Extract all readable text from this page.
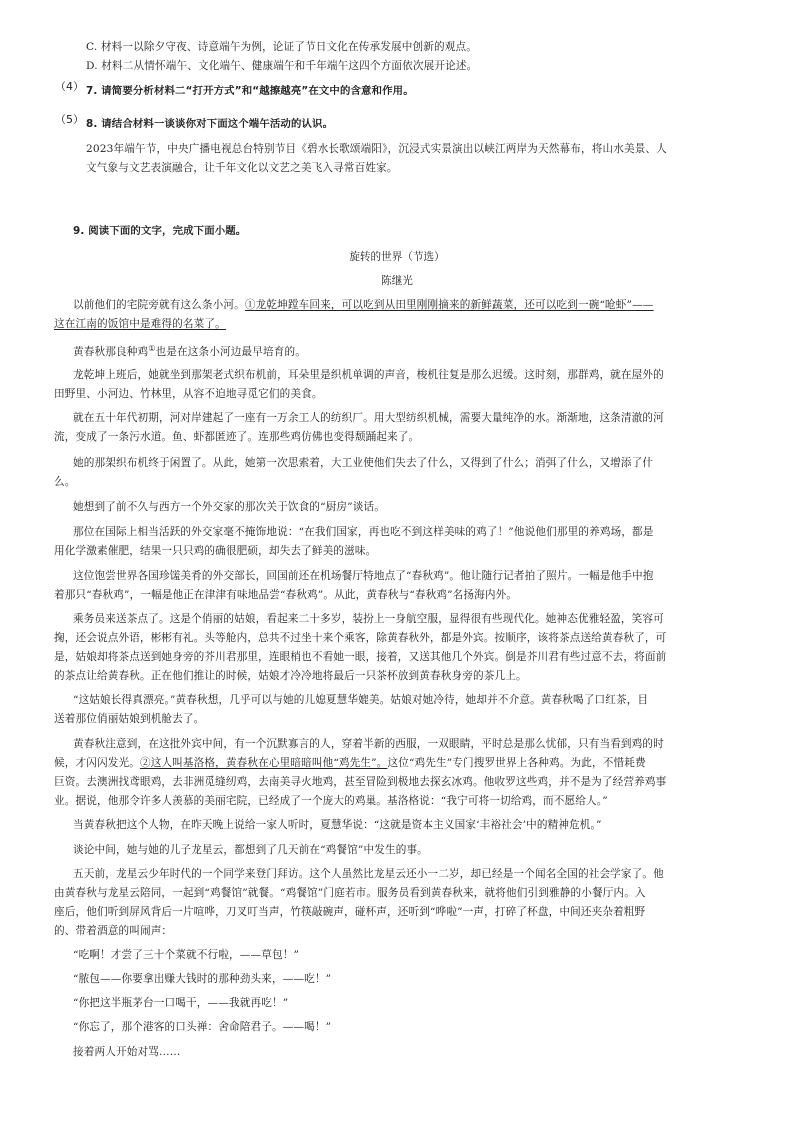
C. 材料一以除夕守夜、诗意端午为例，论证了节日文化在传承发展中创新的观点。
D. 材料二从情怀端午、文化端午、健康端午和千年端午这四个方面依次展开论述。
（4） 7. 请简要分析材料二“打开方式”和“越擦越亮”在文中的含意和作用。
（5） 8. 请结合材料一谈谈你对下面这个端午活动的认识。
2023年端午节，中央广播电视总台特别节目《碧水长歌颂端阳》，沉浸式实景演出以峡江两岸为天然幕布，将山水美景、人
文气象与文艺表演融合，让千年文化以文艺之美飞入寻常百姓家。
9. 阅读下面的文字，完成下面小题。
旋转的世界（节选）
陈继光
以前他们的宅院旁就有这么条小河。①龙乾坤蹚车回来，可以吃到从田里刚刚摘来的新鲜蔬菜，还可以吃到一碗“呛虾”——
这在江南的饭馆中是难得的名菜了。
黄春秋那良种鸡①也是在这条小河边最早培育的。
龙乾坤上班后，她就坐到那架老式织布机前，耳朵里是织机单调的声音，梭机往复是那么迟缓。这时刻，那群鸡，就在屋外的
田野里、小河边、竹林里，从容不迫地寻觅它们的美食。
就在五十年代初期，河对岸建起了一座有一万余工人的纺织厂。用大型纺织机械，需要大量纯净的水。渐渐地，这条清澈的河
流，变成了一条污水道。鱼、虾都匿迹了。连那些鸡仿佛也变得颓踊起来了。
她的那架织布机终于闲置了。从此，她第一次思索着，大工业使他们失去了什么，又得到了什么；消弭了什么，又增添了什
么。
她想到了前不久与西方一个外交家的那次关于饮食的“厨房”谈话。
那位在国际上相当活跃的外交家毫不掩饰地说：“在我们国家，再也吃不到这样美味的鸡了！”他说他们那里的养鸡场，都是
用化学激素催肥，结果一只只鸡的确很肥硕，却失去了鲜美的滋味。
这位饱尝世界各国珍馐美肴的外交部长，回国前还在机场餐厅特地点了“春秋鸡”。他让随行记者拍了照片。一幅是他手中抱
着那只“春秋鸡”，一幅是他正在津津有味地品尝“春秋鸡”。从此，黄春秋与“春秋鸡”名扬海内外。
乘务员来送茶点了。这是个俏丽的姑娘，看起来二十多岁，装扮上一身航空服，显得很有些现代化。她神态优雅轻盈，笑容可
掬，还会说点外语，彬彬有礼。头等舱内，总共不过坐十来个乘客，除黄春秋外，都是外宾。按顺序，该将茶点送给黄春秋了，可
是，姑娘却将茶点送到她身旁的芥川君那里，连眼梢也不看她一眼，接着，又送其他几个外宾。倒是芥川君有些过意不去，将面前
的茶点让给黄春秋。正在他们推让的时候，姑娘才冷冷地将最后一只茶杯放到黄春秋身旁的茶几上。
“这姑娘长得真漂亮。”黄春秋想，几乎可以与她的儿媳夏慧华媲美。姑娘对她冷待，她却并不介意。黄春秋喝了口红茶，目
送着那位俏丽姑娘到机舱去了。
黄春秋注意到，在这批外宾中间，有一个沉默寡言的人，穿着半新的西服，一双眼睛，平时总是那么忧郁，只有当看到鸡的时
候，才闪闪发光。②这人叫基洛格，黄春秋在心里暗暗叫他“鸡先生”。这位“鸡先生”专门搜罗世界上各种鸡。为此，不惜耗费
巨资。去澳洲找鸢眼鸡，去非洲觅缝纫鸡，去南美寻火地鸡，甚至冒险到极地去探玄冰鸡。他收罗这些鸡，并不是为了经营养鸡事
业。据说，他那令许多人羡慕的美丽宅院，已经成了一个庞大的鸡巢。基洛格说：“我宁可将一切给鸡，而不愿给人。”
当黄春秋把这个人物，在昨天晚上说给一家人听时，夏慧华说：“这就是资本主义国家‘丰裕社会’中的精神危机。”
谈论中间，她与她的儿子龙星云，都想到了几天前在“鸡餐馆”中发生的事。
五天前，龙星云少年时代的一个同学来登门拜访。这个人虽然比龙星云还小一二岁，却已经是一个闻名全国的社会学家了。他
由黄春秋与龙星云陪同，一起到“鸡餐馆”就餐。“鸡餐馆”门庭若市。服务员看到黄春秋来，就将他们引到雅静的小餐厅内。入
座后，他们听到屏风背后一片喧哗，刀叉叮当声，竹筷敲碗声，碰杯声，还听到“哗啦”一声，打碎了杯盘，中间还夹杂着粗野
的、带着酒意的叫闹声：
“吃啊！才尝了三十个菜就不行啦，——草包！”
“脓包——你要拿出赚大钱时的那种劲头来，——吃！”
“你把这半瓶茅台一口喝干，——我就再吃！”
“你忘了，那个港客的口头禅：舍命陪君子。——喝！”
接着两人开始对骂……
